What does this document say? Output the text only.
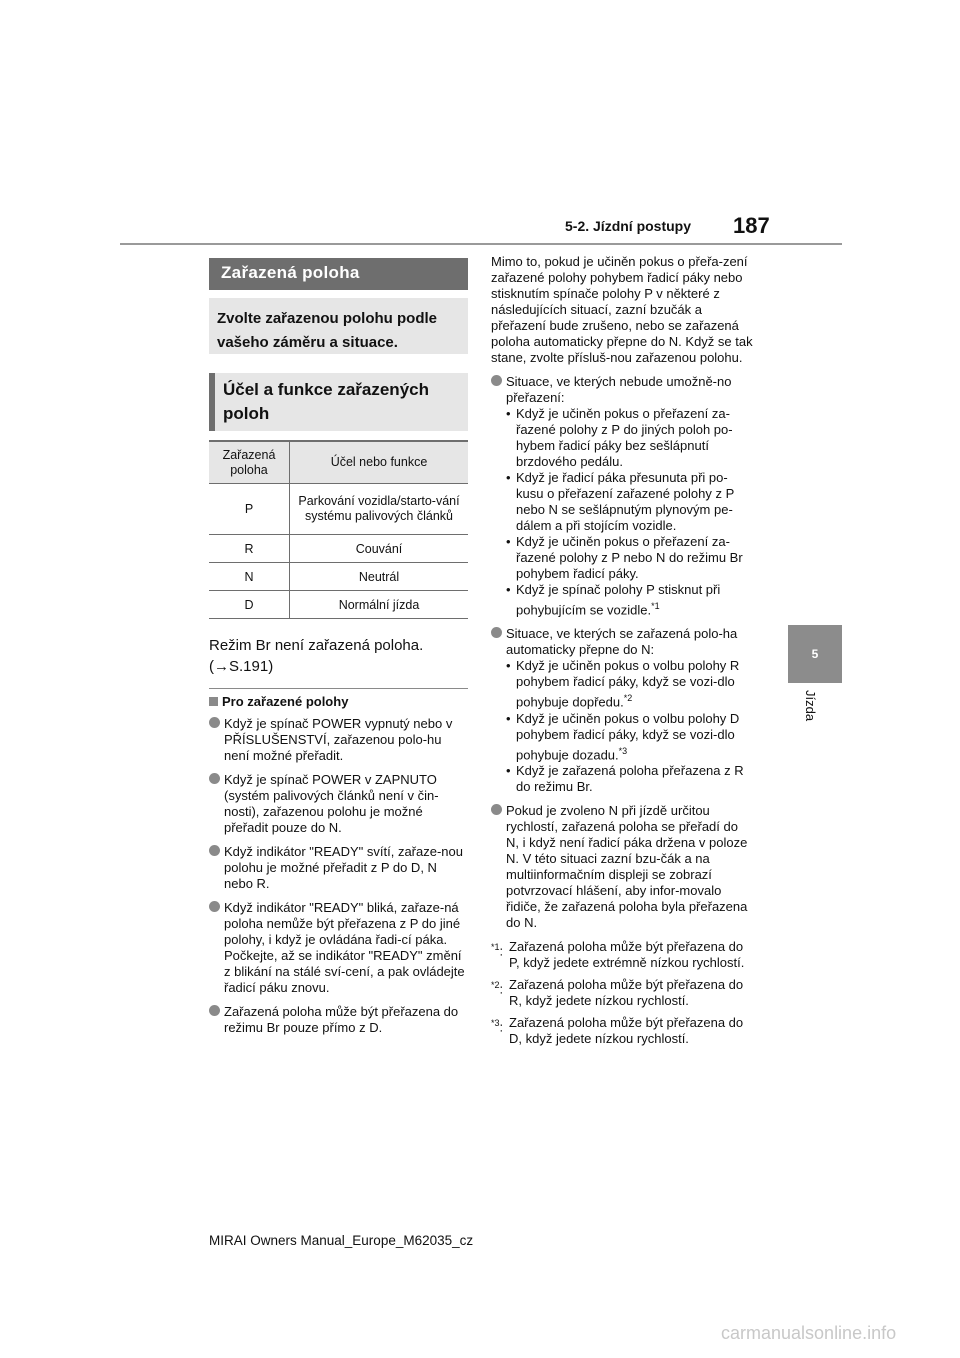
5-2. Jízdní postupy 187
5
Jízda
Zařazená poloha
Zvolte zařazenou polohu podle vašeho záměru a situace.
Účel a funkce zařazených poloh
Zařazená poloha	Účel nebo funkce
P	Parkování vozidla/starto-vání systému palivových článků
R	Couvání
N	Neutrál
D	Normální jízda
Režim Br není zařazená poloha.
(→S.191)

Pro zařazené polohy

Když je spínač POWER vypnutý nebo v PŘÍSLUŠENSTVÍ, zařazenou polo-hu není možné přeřadit.

Když je spínač POWER v ZAPNUTO (systém palivových článků není v čin-nosti), zařazenou polohu je možné přeřadit pouze do N.

Když indikátor "READY" svítí, zařaze-nou polohu je možné přeřadit z P do D, N nebo R.

Když indikátor "READY" bliká, zařaze-ná poloha nemůže být přeřazena z P do jiné polohy, i když je ovládána řadi-cí páka. Počkejte, až se indikátor "READY" změní z blikání na stálé sví-cení, a pak ovládejte řadicí páku znovu.

Zařazená poloha může být přeřazena do režimu Br pouze přímo z D.

Mimo to, pokud je učiněn pokus o přeřa-zení zařazené polohy pohybem řadicí páky nebo stisknutím spínače polohy P v některé z následujících situací, zazní bzučák a přeřazení bude zrušeno, nebo se zařazená poloha automaticky přepne do N. Když se tak stane, zvolte přísluš-nou zařazenou polohu.

Situace, ve kterých nebude umožně-no přeřazení:

• Když je učiněn pokus o přeřazení za-řazené polohy z P do jiných poloh po-hybem řadicí páky bez sešlápnutí brzdového pedálu.
• Když je řadicí páka přesunuta při po-kusu o přeřazení zařazené polohy z P nebo N se sešlápnutým plynovým pe-dálem a při stojícím vozidle.
• Když je učiněn pokus o přeřazení za-řazené polohy z P nebo N do režimu Br pohybem řadicí páky.
• Když je spínač polohy P stisknut při pohybujícím se vozidle.$^{*1}$

Situace, ve kterých se zařazená polo-ha automaticky přepne do N:

• Když je učiněn pokus o volbu polohy R pohybem řadicí páky, když se vozi-dlo pohybuje dopředu.$^{*2}$
• Když je učiněn pokus o volbu polohy D pohybem řadicí páky, když se vozi-dlo pohybuje dozadu.$^{*3}$
• Když je zařazená poloha přeřazena z R do režimu Br.

Pokud je zvoleno N při jízdě určitou rychlostí, zařazená poloha se přeřadí do N, i když není řadicí páka držena v poloze N. V této situaci zazní bzu-čák a na multiinformačním displeji se zobrazí potvrzovací hlášení, aby infor-movalo řidiče, že zařazená poloha byla přeřazena do N.

$^{*1}$: Zařazená poloha může být přeřazena do P, když jedete extrémně nízkou rychlostí.
$^{*2}$: Zařazená poloha může být přeřazena do R, když jedete nízkou rychlostí.
$^{*3}$: Zařazená poloha může být přeřazena do D, když jedete nízkou rychlostí.
MIRAI Owners Manual_Europe_M62035_cz
carmanualsonline.info
